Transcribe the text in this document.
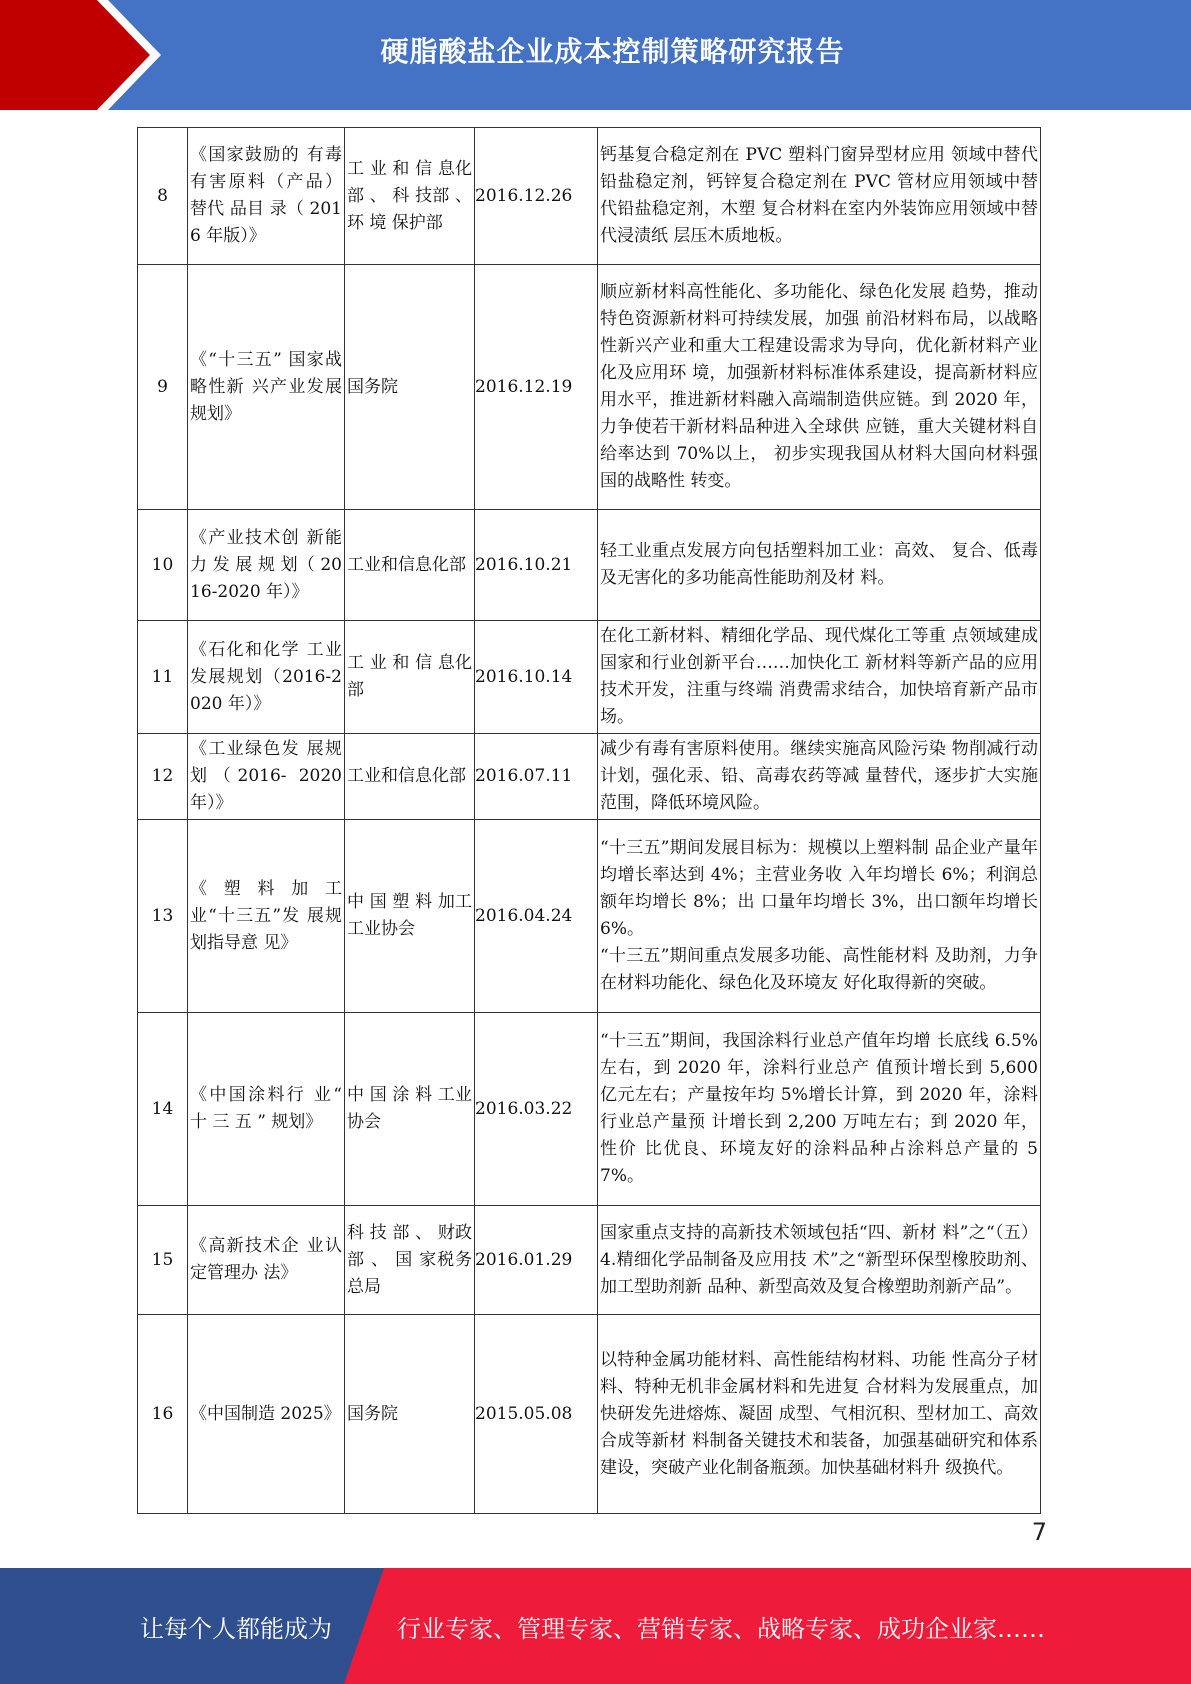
硬脂酸盐企业成本控制策略研究报告
8	《国家鼓励的 有毒有害原料（产品）替代 品目 录（ 2016 年版）》	工 业 和 信 息化 部 、 科 技部 、 环 境 保护部	2016.12.26	钙基复合稳定剂在 PVC 塑料门窗异型材应用 领域中替代铅盐稳定剂，钙锌复合稳定剂在 PVC 管材应用领域中替代铅盐稳定剂，木塑 复合材料在室内外装饰应用领域中替代浸渍纸 层压木质地板。

9	《“十三五” 国家战略性新 兴产业发展规划》	国务院	2016.12.19	顺应新材料高性能化、多功能化、绿色化发展 趋势，推动特色资源新材料可持续发展，加强 前沿材料布局，以战略性新兴产业和重大工程建设需求为导向，优化新材料产业化及应用环 境，加强新材料标准体系建设，提高新材料应 用水平，推进新材料融入高端制造供应链。到 2020 年，力争使若干新材料品种进入全球供 应链，重大关键材料自给率达到 70%以上， 初步实现我国从材料大国向材料强国的战略性 转变。

10	《产业技术创 新能 力 发 展 规 划（ 2016-2020 年）》	工业和信息化部	2016.10.21	轻工业重点发展方向包括塑料加工业：高效、 复合、低毒及无害化的多功能高性能助剂及材 料。

11	《石化和化学 工业发展规划（2016-2020 年）》	工 业 和 信 息化部	2016.10.14	在化工新材料、精细化学品、现代煤化工等重 点领域建成国家和行业创新平台……加快化工 新材料等新产品的应用技术开发，注重与终端 消费需求结合，加快培育新产品市场。

12	《工业绿色发 展规划（2016- 2020 年）》	工业和信息化部	2016.07.11	减少有毒有害原料使用。继续实施高风险污染 物削减行动计划，强化汞、铅、高毒农药等减 量替代，逐步扩大实施范围，降低环境风险。

13	《 塑 料 加 工 业“十三五”发 展规划指导意 见》	中 国 塑 料 加工工业协会	2016.04.24	“十三五”期间发展目标为：规模以上塑料制 品企业产量年均增长率达到 4%；主营业务收 入年均增长 6%；利润总额年均增长 8%；出 口量年均增长 3%，出口额年均增长 6%。
“十三五”期间重点发展多功能、高性能材料 及助剂，力争在材料功能化、绿色化及环境友 好化取得新的突破。

14	《中国涂料行 业“ 十 三 五 ” 规划》	中 国 涂 料 工业协会	2016.03.22	“十三五”期间，我国涂料行业总产值年均增 长底线 6.5%左右，到 2020 年，涂料行业总产 值预计增长到 5,600 亿元左右；产量按年均 5%增长计算，到 2020 年，涂料行业总产量预 计增长到 2,200 万吨左右；到 2020 年，性价 比优良、环境友好的涂料品种占涂料总产量的 57%。

15	《高新技术企 业认定管理办 法》	科 技 部 、 财政 部 、 国 家税务总局	2016.01.29	国家重点支持的高新技术领域包括“四、新材 料”之“（五）4.精细化学品制备及应用技 术”之“新型环保型橡胶助剂、加工型助剂新 品种、新型高效及复合橡塑助剂新产品”。

16	《中国制造 2025》	国务院	2015.05.08	以特种金属功能材料、高性能结构材料、功能 性高分子材料、特种无机非金属材料和先进复 合材料为发展重点，加快研发先进熔炼、凝固 成型、气相沉积、型材加工、高效合成等新材 料制备关键技术和装备，加强基础研究和体系 建设，突破产业化制备瓶颈。加快基础材料升 级换代。
7
让每个人都能成为	行业专家、管理专家、营销专家、战略专家、成功企业家……
